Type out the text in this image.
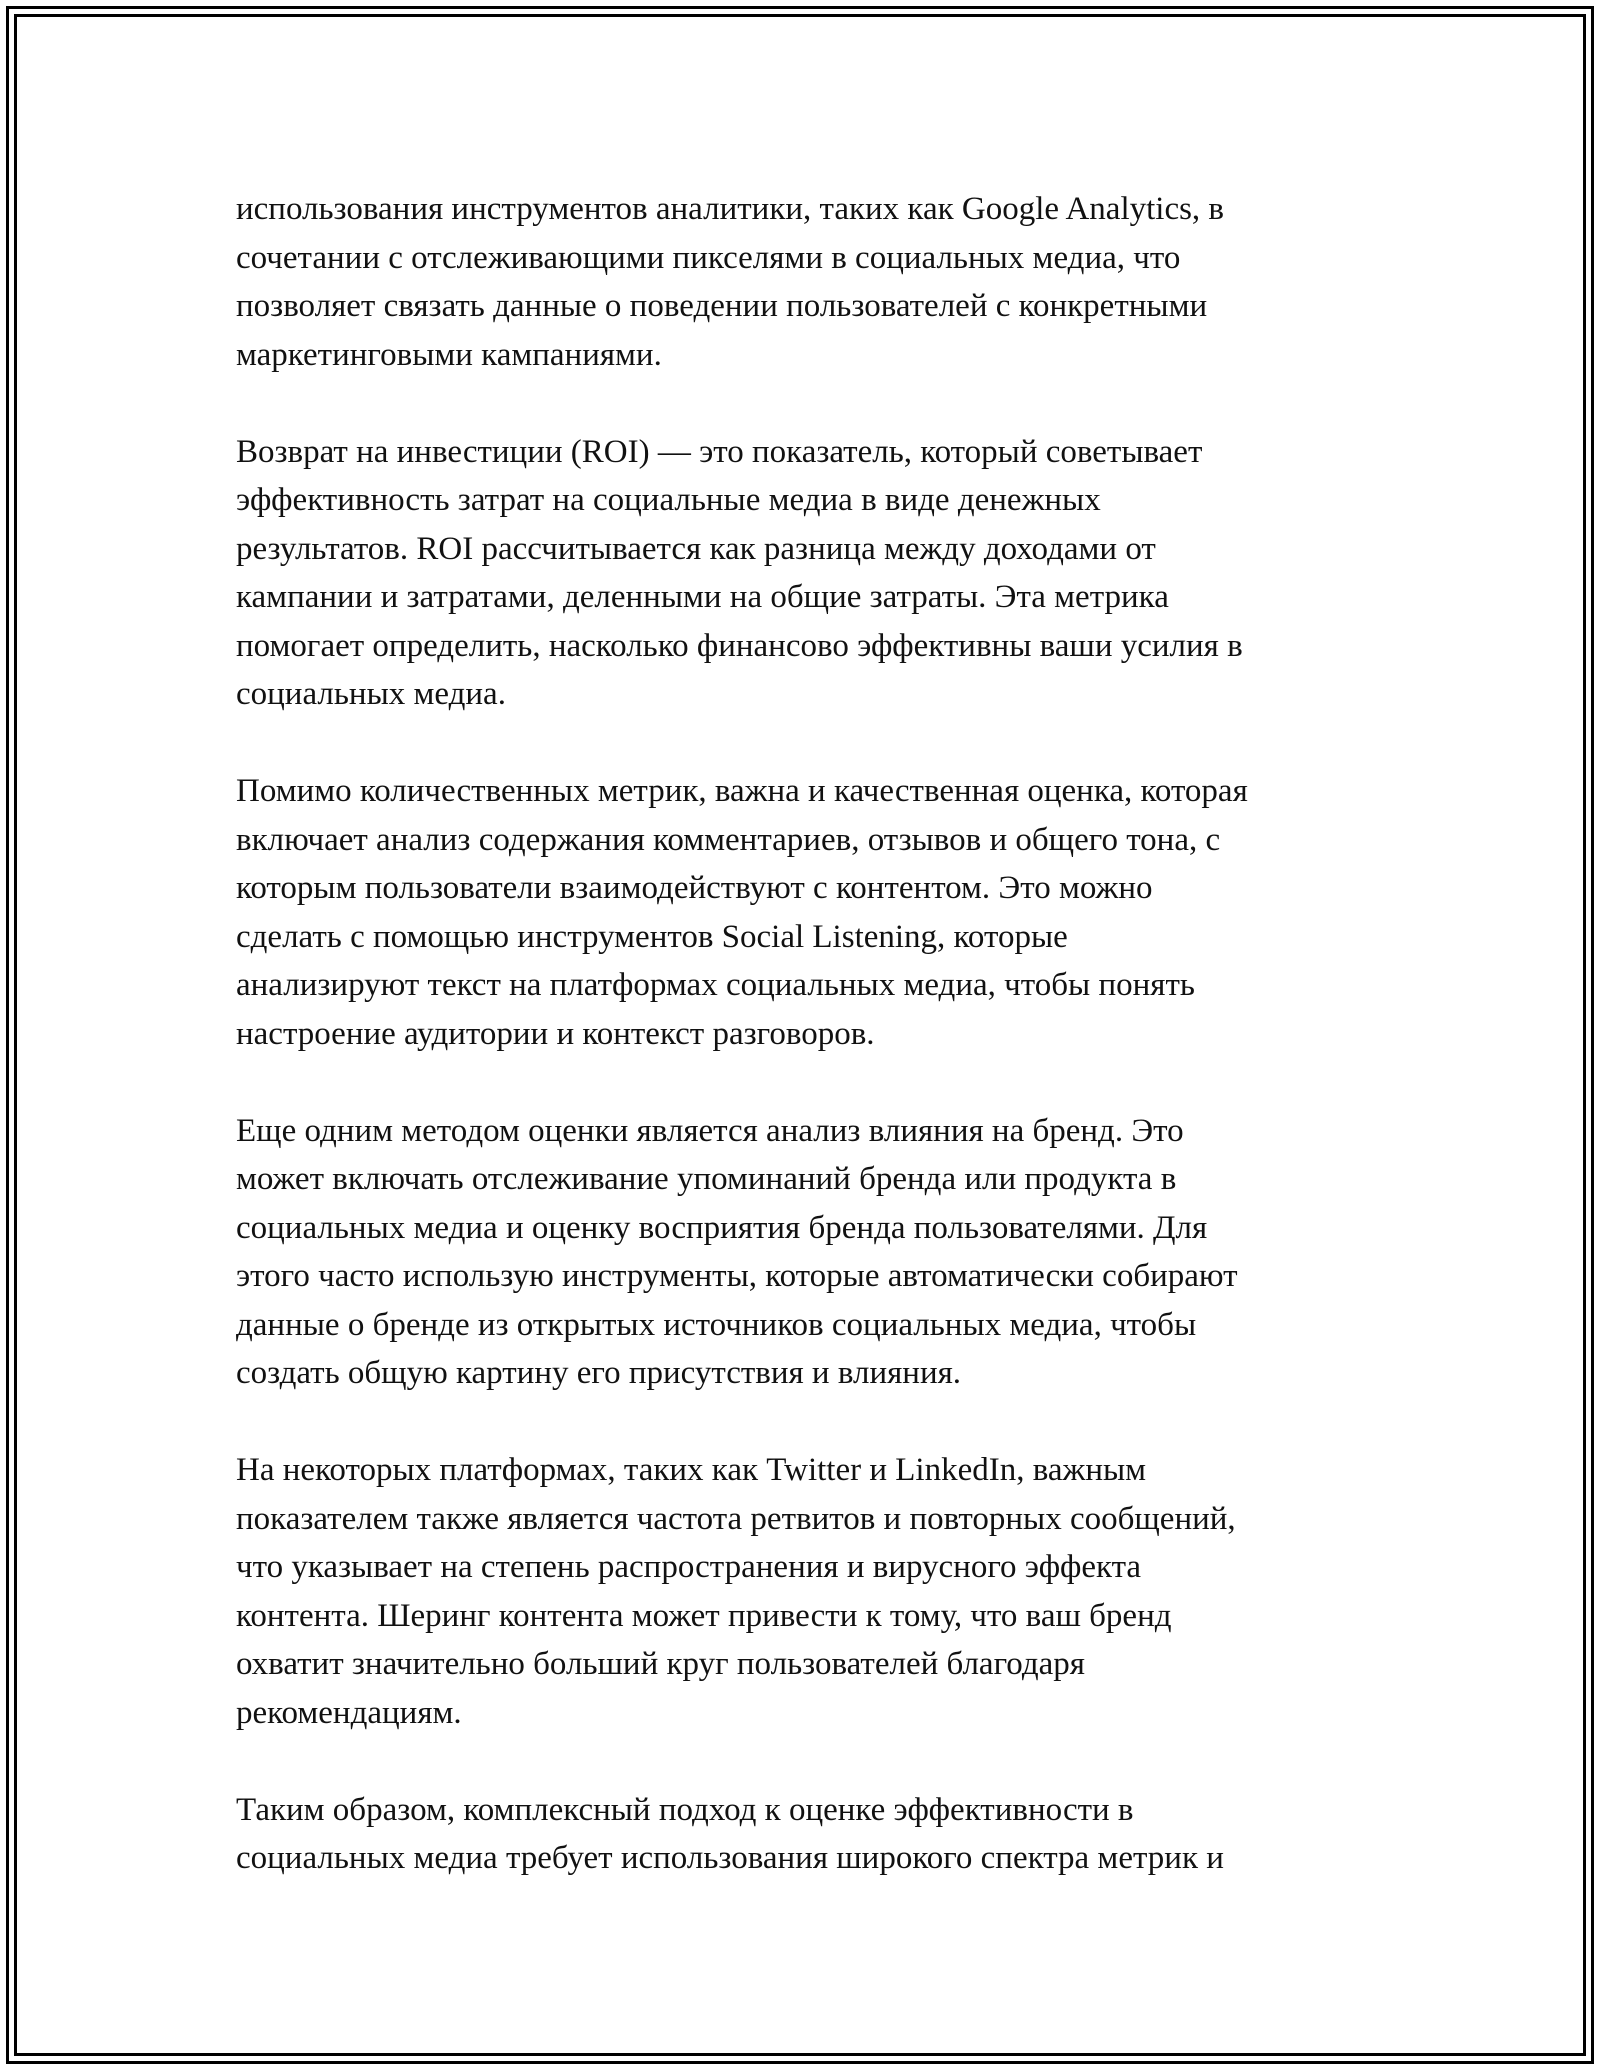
использования инструментов аналитики, таких как Google Analytics, в
сочетании с отслеживающими пикселями в социальных медиа, что
позволяет связать данные о поведении пользователей с конкретными
маркетинговыми кампаниями.

Возврат на инвестиции (ROI) — это показатель, который советывает
эффективность затрат на социальные медиа в виде денежных
результатов. ROI рассчитывается как разница между доходами от
кампании и затратами, деленными на общие затраты. Эта метрика
помогает определить, насколько финансово эффективны ваши усилия в
социальных медиа.

Помимо количественных метрик, важна и качественная оценка, которая
включает анализ содержания комментариев, отзывов и общего тона, с
которым пользователи взаимодействуют с контентом. Это можно
сделать с помощью инструментов Social Listening, которые
анализируют текст на платформах социальных медиа, чтобы понять
настроение аудитории и контекст разговоров.

Еще одним методом оценки является анализ влияния на бренд. Это
может включать отслеживание упоминаний бренда или продукта в
социальных медиа и оценку восприятия бренда пользователями. Для
этого часто использую инструменты, которые автоматически собирают
данные о бренде из открытых источников социальных медиа, чтобы
создать общую картину его присутствия и влияния.

На некоторых платформах, таких как Twitter и LinkedIn, важным
показателем также является частота ретвитов и повторных сообщений,
что указывает на степень распространения и вирусного эффекта
контента. Шеринг контента может привести к тому, что ваш бренд
охватит значительно больший круг пользователей благодаря
рекомендациям.

Таким образом, комплексный подход к оценке эффективности в
социальных медиа требует использования широкого спектра метрик и
